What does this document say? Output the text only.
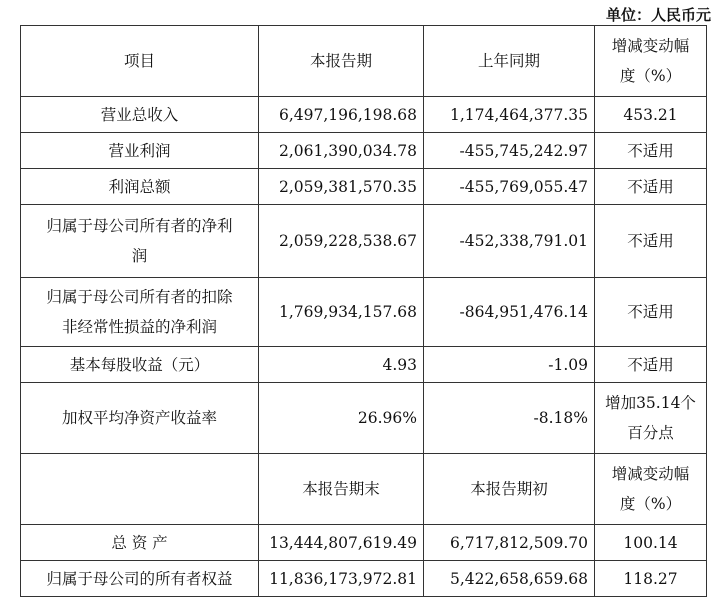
单位：人民币元
项目	本报告期	上年同期	增减变动幅
度（%）
营业总收入	6,497,196,198.68	1,174,464,377.35	453.21
营业利润	2,061,390,034.78	-455,745,242.97	不适用
利润总额	2,059,381,570.35	-455,769,055.47	不适用
归属于母公司所有者的净利
润	2,059,228,538.67	-452,338,791.01	不适用
归属于母公司所有者的扣除
非经常性损益的净利润	1,769,934,157.68	-864,951,476.14	不适用
基本每股收益（元）	4.93	-1.09	不适用
加权平均净资产收益率	26.96%	-8.18%	增加35.14个
百分点
	本报告期末	本报告期初	增减变动幅
度（%）
总 资 产	13,444,807,619.49	6,717,812,509.70	100.14
归属于母公司的所有者权益	11,836,173,972.81	5,422,658,659.68	118.27
